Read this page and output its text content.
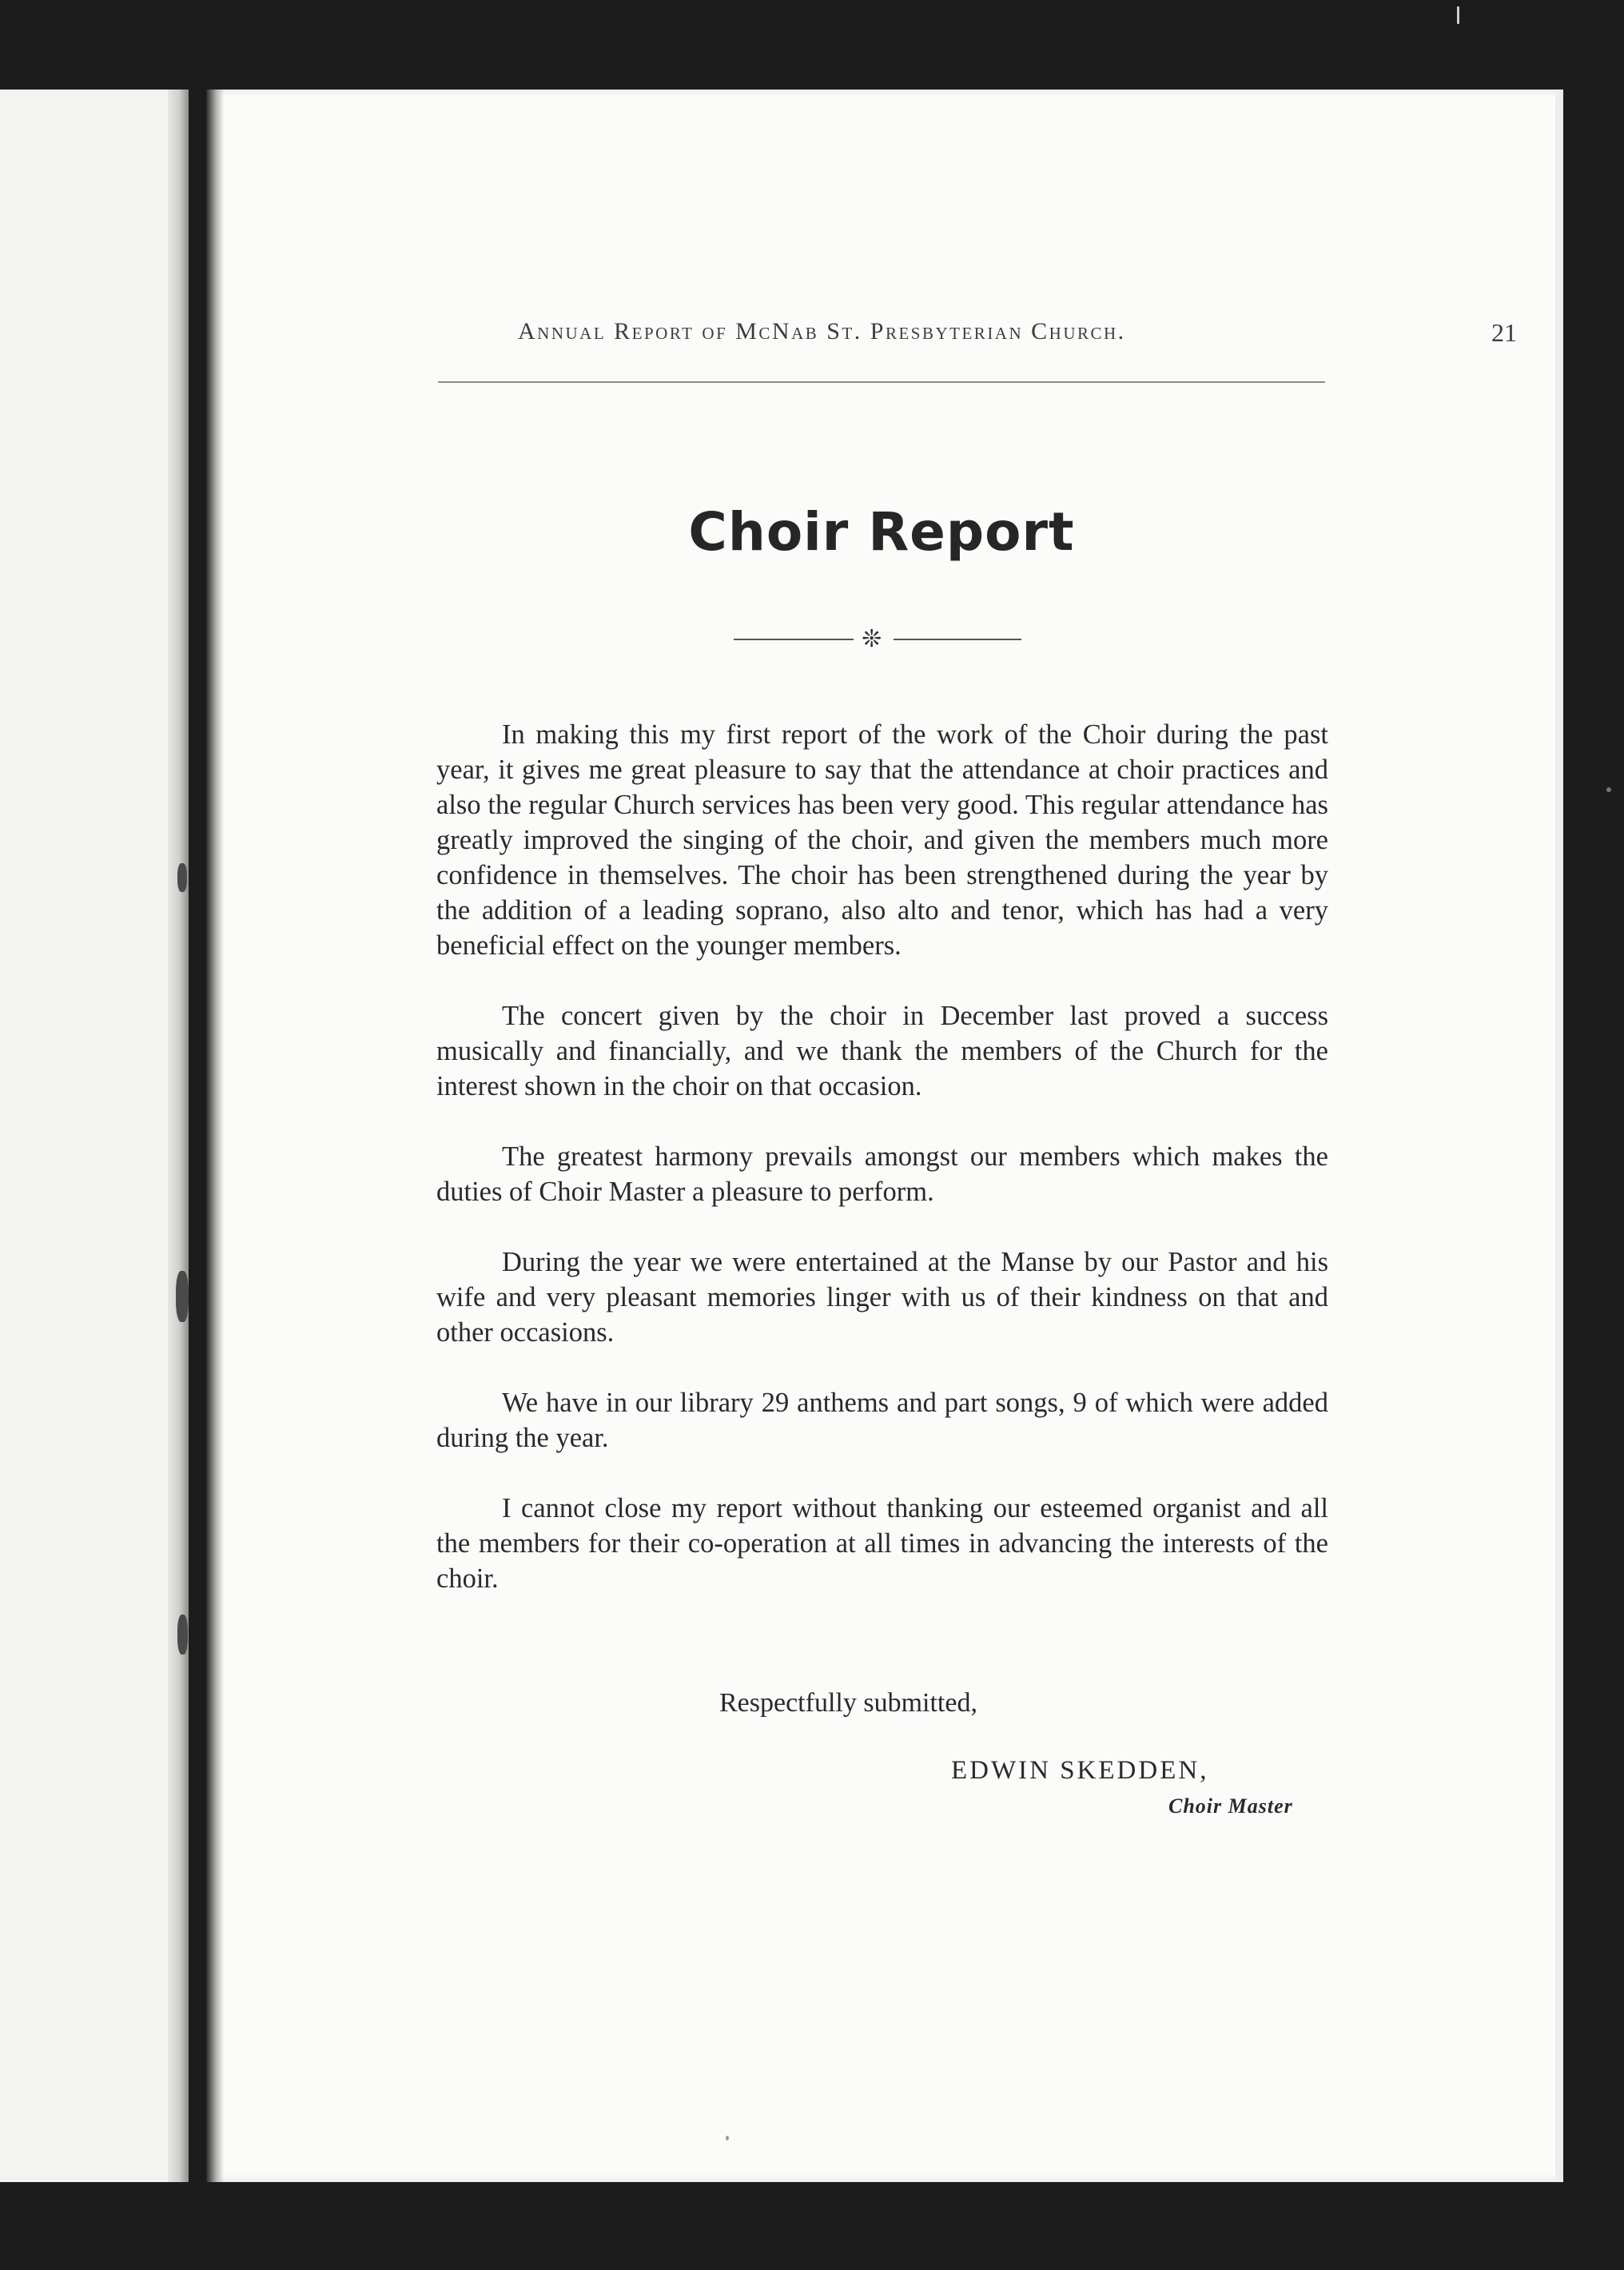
Annual Report of McNab St. Presbyterian Church.	21
Choir Report
❊

In making this my first report of the work of the Choir during the past year, it gives me great pleasure to say that the attendance at choir practices and also the regular Church services has been very good. This regular attendance has greatly improved the singing of the choir, and given the members much more confidence in themselves. The choir has been strengthened during the year by the addition of a leading soprano, also alto and tenor, which has had a very beneficial effect on the younger members.

The concert given by the choir in December last proved a success musically and financially, and we thank the members of the Church for the interest shown in the choir on that occasion.

The greatest harmony prevails amongst our members which makes the duties of Choir Master a pleasure to perform.

During the year we were entertained at the Manse by our Pastor and his wife and very pleasant memories linger with us of their kindness on that and other occasions.

We have in our library 29 anthems and part songs, 9 of which were added during the year.

I cannot close my report without thanking our esteemed organist and all the members for their co-operation at all times in advancing the interests of the choir.

Respectfully submitted,
EDWIN SKEDDEN,
Choir Master
